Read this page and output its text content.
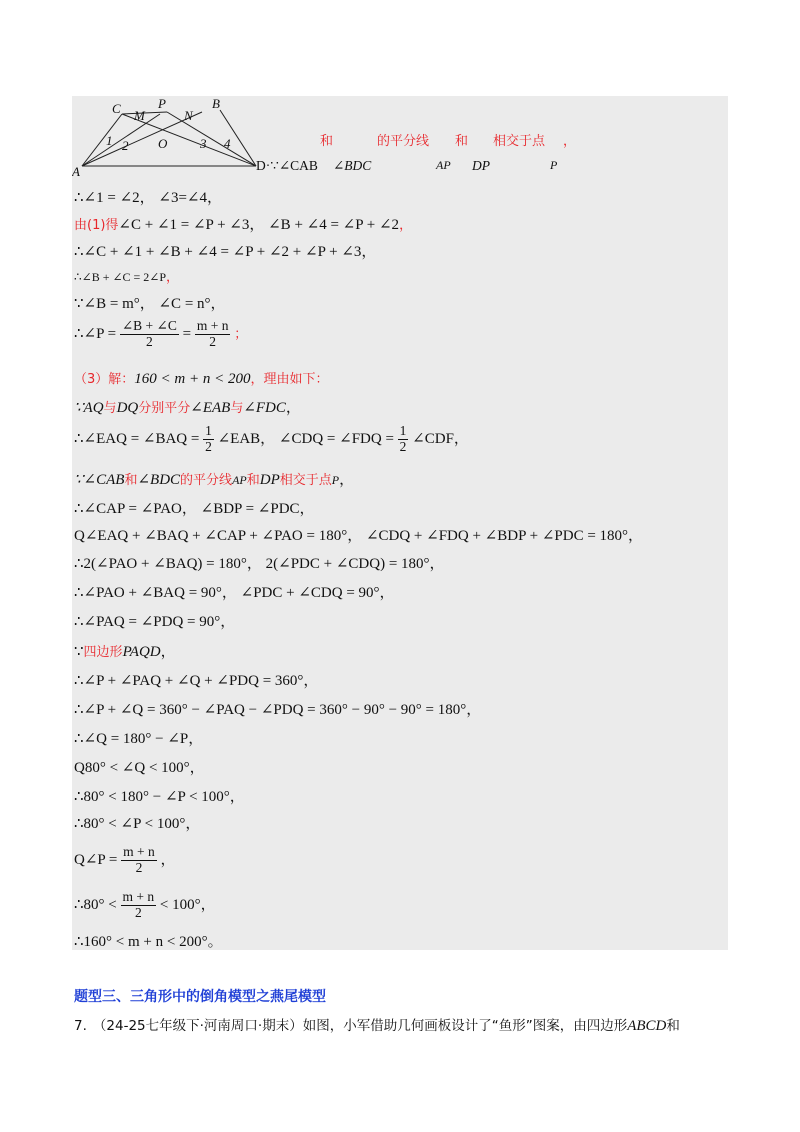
C M
P
N
B
A
O
1 2	3 4	和	的平分线 和 相交于点 ，
D·∵∠CAB ∠BDC	AP DP	P
∴∠1 = ∠2， ∠3=∠4，
由(1)得∠C + ∠1 = ∠P + ∠3， ∠B + ∠4 = ∠P + ∠2，
∴∠C + ∠1 + ∠B + ∠4 = ∠P + ∠2 + ∠P + ∠3，
∴∠B + ∠C = 2∠P，
∵∠B = m°， ∠C = n°，
∴∠P = $\frac{\angle B + \angle C}{2} = \frac{m + n}{2}$ ；
（3）解：160 < m + n < 200，理由如下：
∵AQ与DQ分别平分∠EAB与∠FDC，
∴∠EAQ = ∠BAQ = $\frac{1}{2}$ ∠EAB， ∠CDQ = ∠FDQ = $\frac{1}{2}$ ∠CDF，
∵∠CAB和∠BDC的平分线AP和DP相交于点P，
∴∠CAP = ∠PAO， ∠BDP = ∠PDC，
Q∠EAQ + ∠BAQ + ∠CAP + ∠PAO = 180°， ∠CDQ + ∠FDQ + ∠BDP + ∠PDC = 180°，
∴2(∠PAO + ∠BAQ) = 180°， 2(∠PDC + ∠CDQ) = 180°，
∴∠PAO + ∠BAQ = 90°， ∠PDC + ∠CDQ = 90°，
∴∠PAQ = ∠PDQ = 90°，
∵四边形PAQD，
∴∠P + ∠PAQ + ∠Q + ∠PDQ = 360°，
∴∠P + ∠Q = 360° − ∠PAQ − ∠PDQ = 360° − 90° − 90° = 180°，
∴∠Q = 180° − ∠P，
Q80° < ∠Q < 100°，
∴80° < 180° − ∠P < 100°，
∴80° < ∠P < 100°，
Q∠P = $\frac{m + n}{2}$ ，
∴80° < $\frac{m + n}{2} < 100^\circ$，
∴160° < m + n < 200°。
题型三、三角形中的倒角模型之燕尾模型
7. （24-25七年级下·河南周口·期末）如图，小军借助几何画板设计了“鱼形”图案，由四边形ABCD和
